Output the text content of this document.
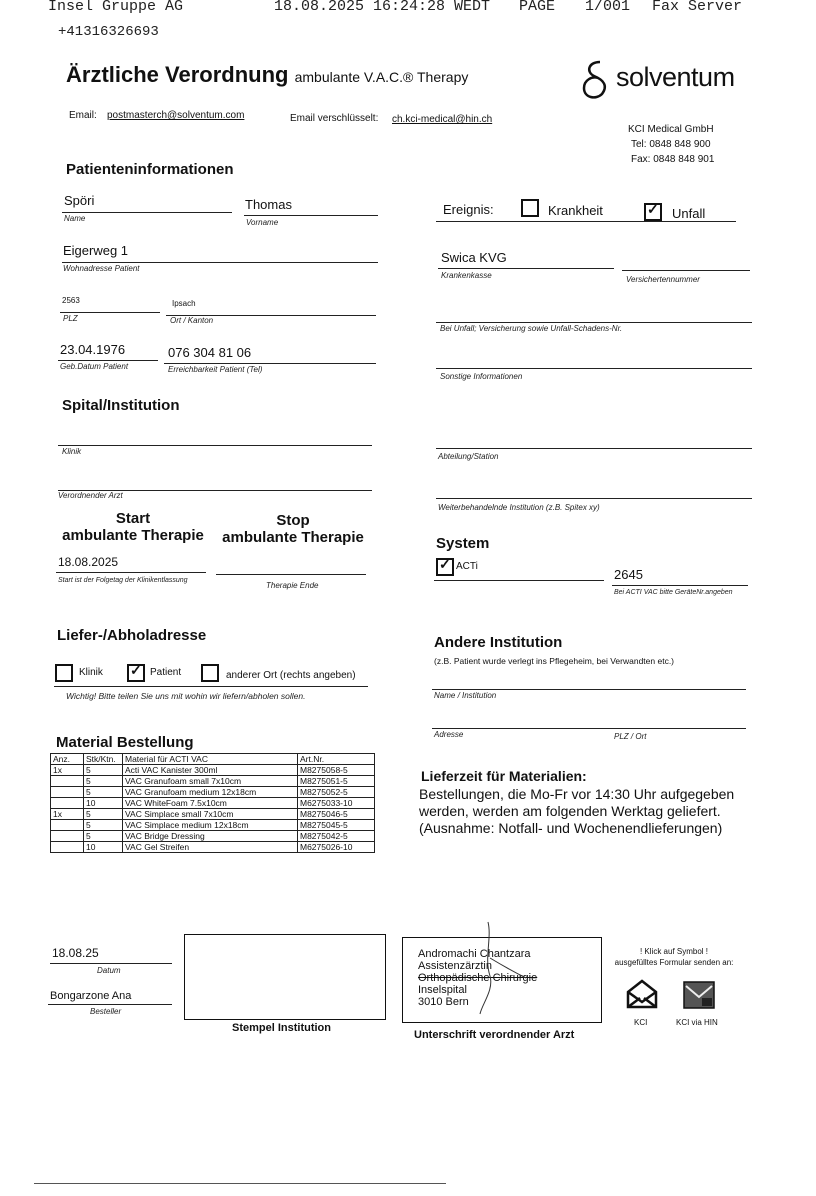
Insel Gruppe AG	18.08.2025 16:24:28 WEDT PAGE 1/001 Fax Server
+41316326693
Ärztliche Verordnung ambulante V.A.C.® Therapy	solventum
KCI Medical GmbH
Tel: 0848 848 900
Fax: 0848 848 901
Email: postmasterch@solventum.com	Email verschlüsselt: ch.kci-medical@hin.ch
Patienteninformationen
Spöri
Name
Thomas
Vorname
Eigerweg 1
Wohnadresse Patient
2563
PLZ
Ipsach
Ort / Kanton
23.04.1976
Geb.Datum Patient
076 304 81 06
Erreichbarkeit Patient (Tel)
Ereignis:	Krankheit ✓	Unfall
Swica KVG
Krankenkasse	Versichertennummer
Bei Unfall; Versicherung sowie Unfall-Schadens-Nr.
Sonstige Informationen
Spital/Institution
Klinik
Verordnender Arzt
Abteilung/Station
Weiterbehandelnde Institution (z.B. Spitex xy)
Start
ambulante Therapie
Stop
ambulante Therapie
18.08.2025
Start ist der Folgetag der Klinikentlassung
Therapie Ende
System
✓
ACTi
2645
Bei ACTI VAC bitte GeräteNr.angeben
Liefer-/Abholadresse
Klinik ✓	Patient	anderer Ort (rechts angeben)
Wichtig! Bitte teilen Sie uns mit wohin wir liefern/abholen sollen.
Andere Institution
(z.B. Patient wurde verlegt ins Pflegeheim, bei Verwandten etc.)
Name / Institution
Adresse	PLZ / Ort
Material Bestellung
Anz.	Stk/Ktn.	Material für ACTI VAC	Art.Nr.
1x	5	Acti VAC Kanister 300ml	M8275058-5
	5	VAC Granufoam small 7x10cm	M8275051-5
	5	VAC Granufoam medium 12x18cm	M8275052-5
	10	VAC WhiteFoam 7.5x10cm	M6275033-10
1x	5	VAC Simplace small 7x10cm	M8275046-5
	5	VAC Simplace medium 12x18cm	M8275045-5
	5	VAC Bridge Dressing	M8275042-5
	10	VAC Gel Streifen	M6275026-10
Lieferzeit für Materialien:
Bestellungen, die Mo-Fr vor 14:30 Uhr aufgegeben
werden, werden am folgenden Werktag geliefert.
(Ausnahme: Notfall- und Wochenendlieferungen)
18.08.25
Datum
Bongarzone Ana
Besteller
Stempel Institution
Andromachi Chantzara
Assistenzärztin
Orthopädische Chirurgie
Inselspital
3010 Bern
Unterschrift verordnender Arzt
! Klick auf Symbol !
ausgefülltes Formular senden an:
KCI	KCI via HIN
